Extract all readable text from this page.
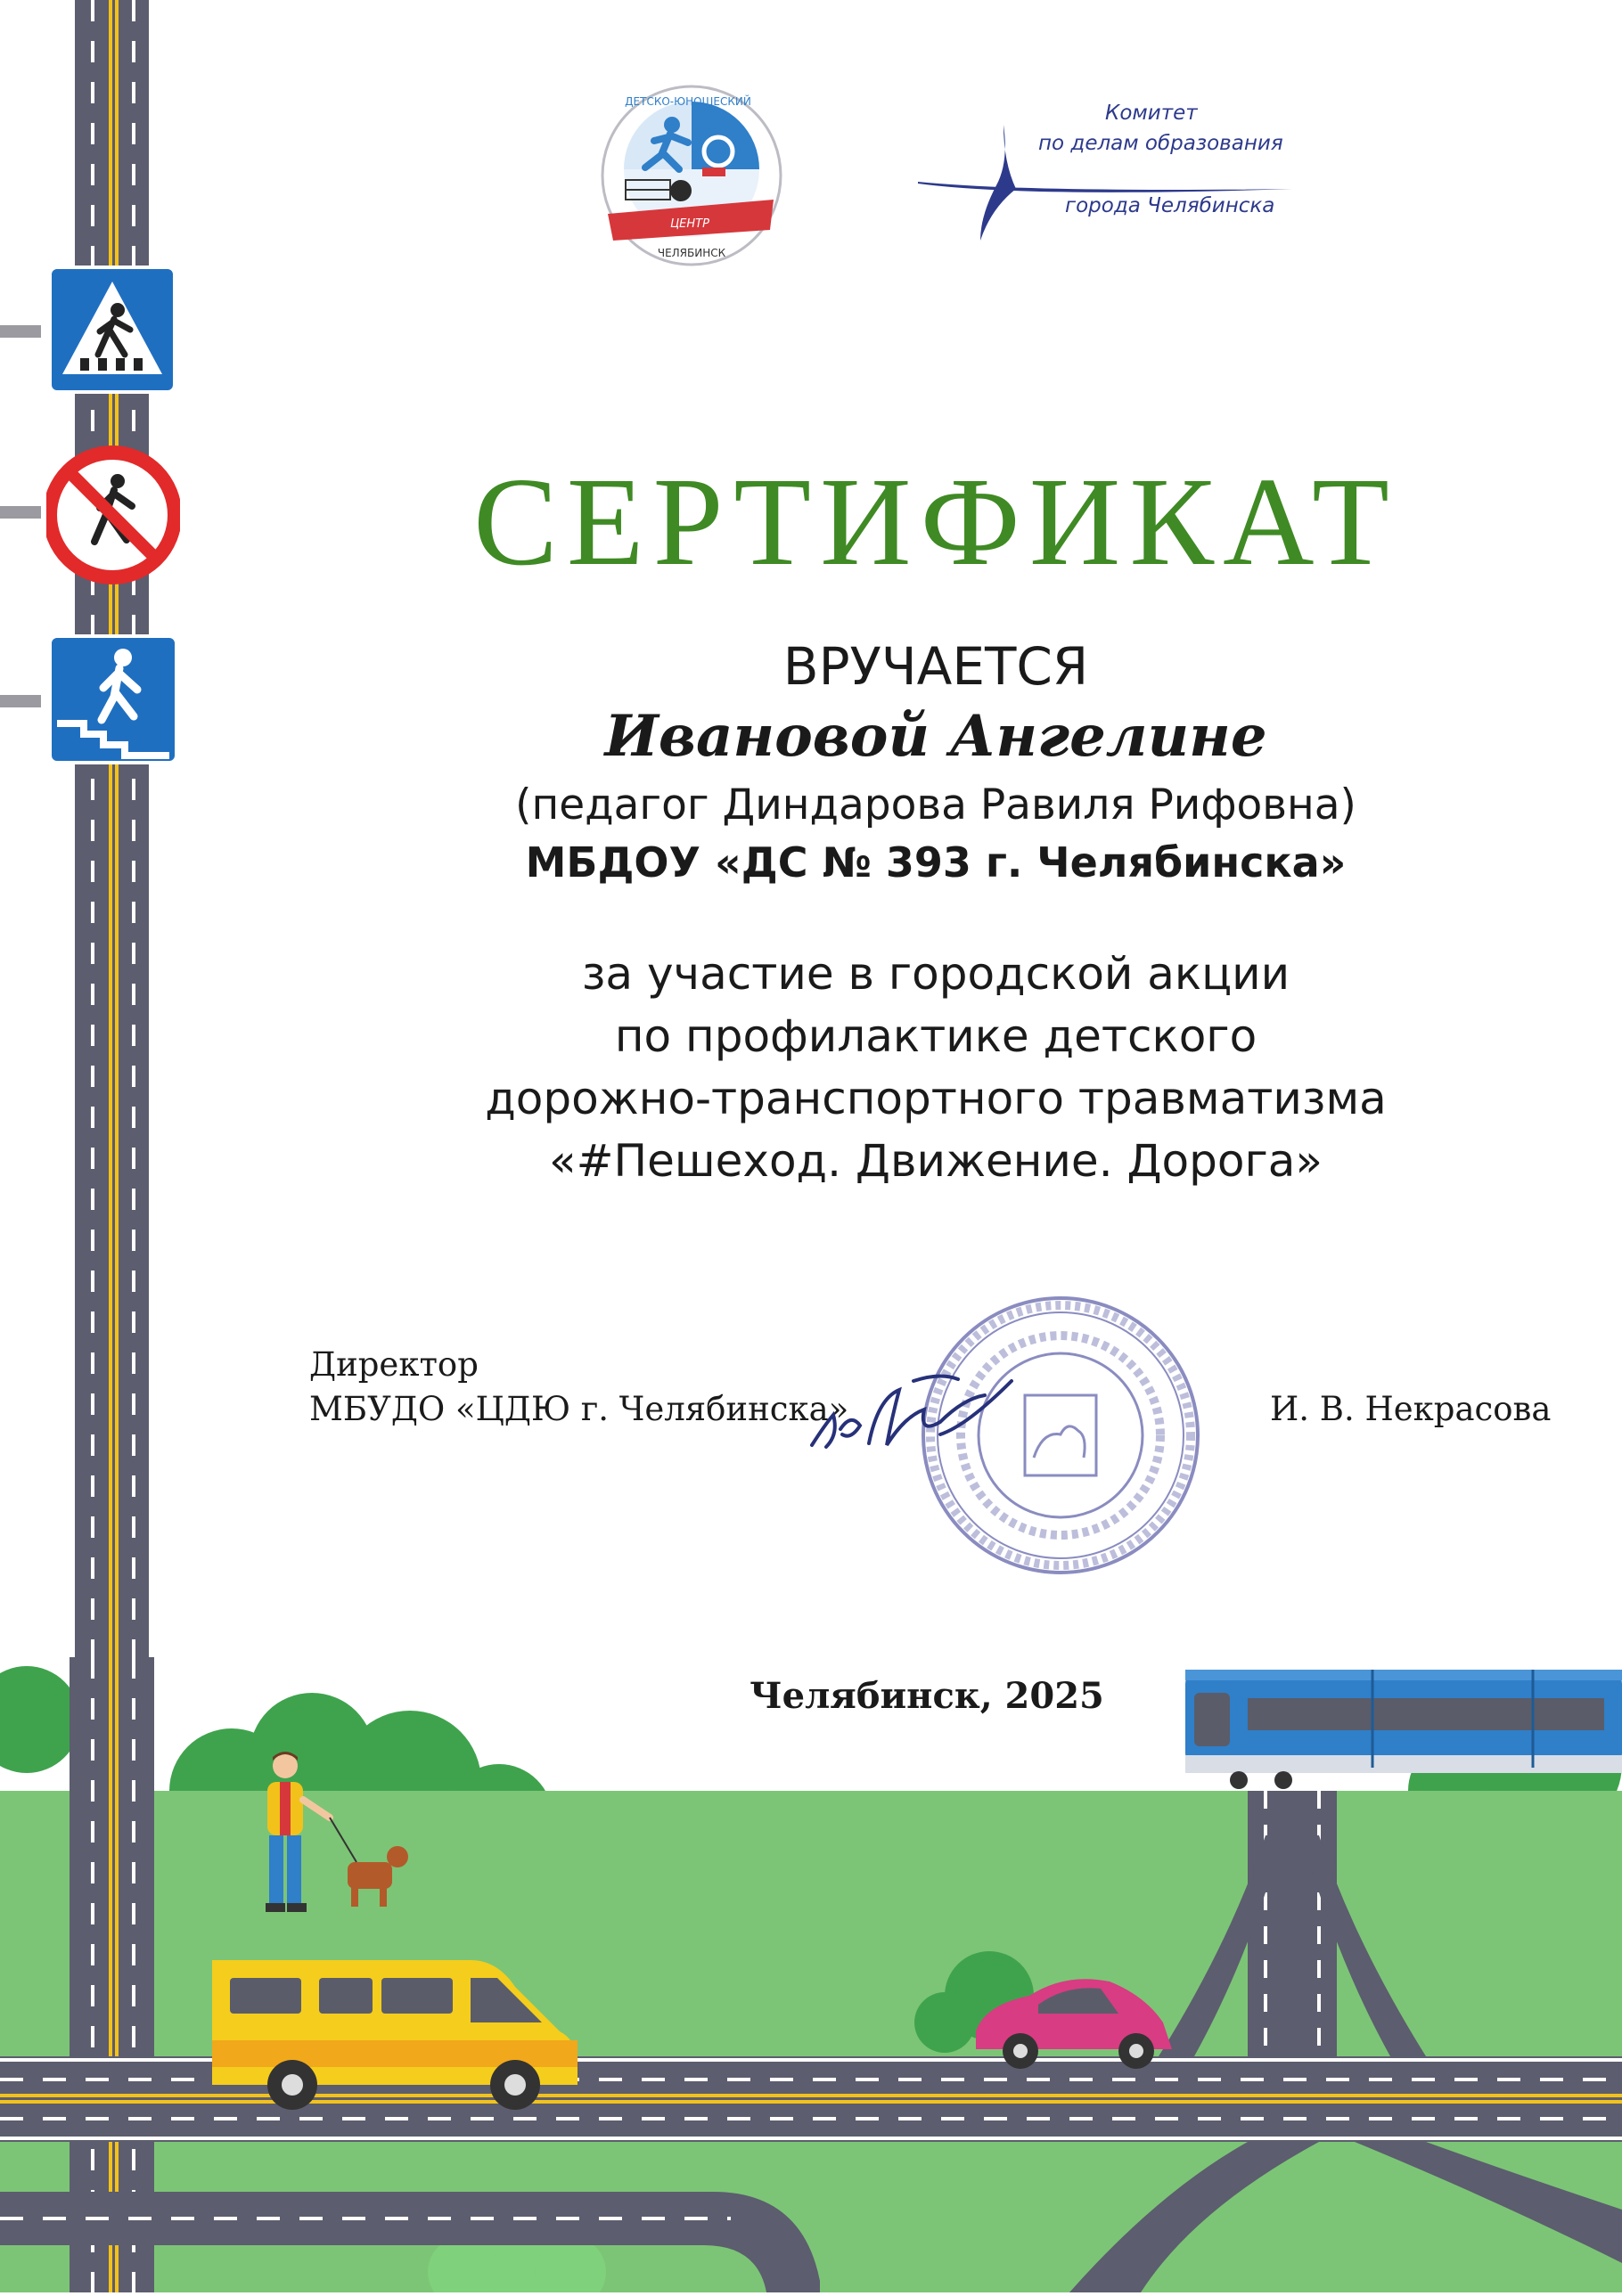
ДЕТСКО-ЮНОШЕСКИЙ
ЦЕНТР
ЧЕЛЯБИНСК
Комитет
по делам образования
города Челябинска
СЕРТИФИКАТ
ВРУЧАЕТСЯ
Ивановой Ангелине
(педагог Диндарова Равиля Рифовна)
МБДОУ «ДС № 393 г. Челябинска»
за участие в городской акции
по профилактике детского
дорожно-транспортного травматизма
«#Пешеход. Движение. Дорога»
Директор
МБУДО «ЦДЮ г. Челябинска»	И. В. Некрасова
Челябинск, 2025
